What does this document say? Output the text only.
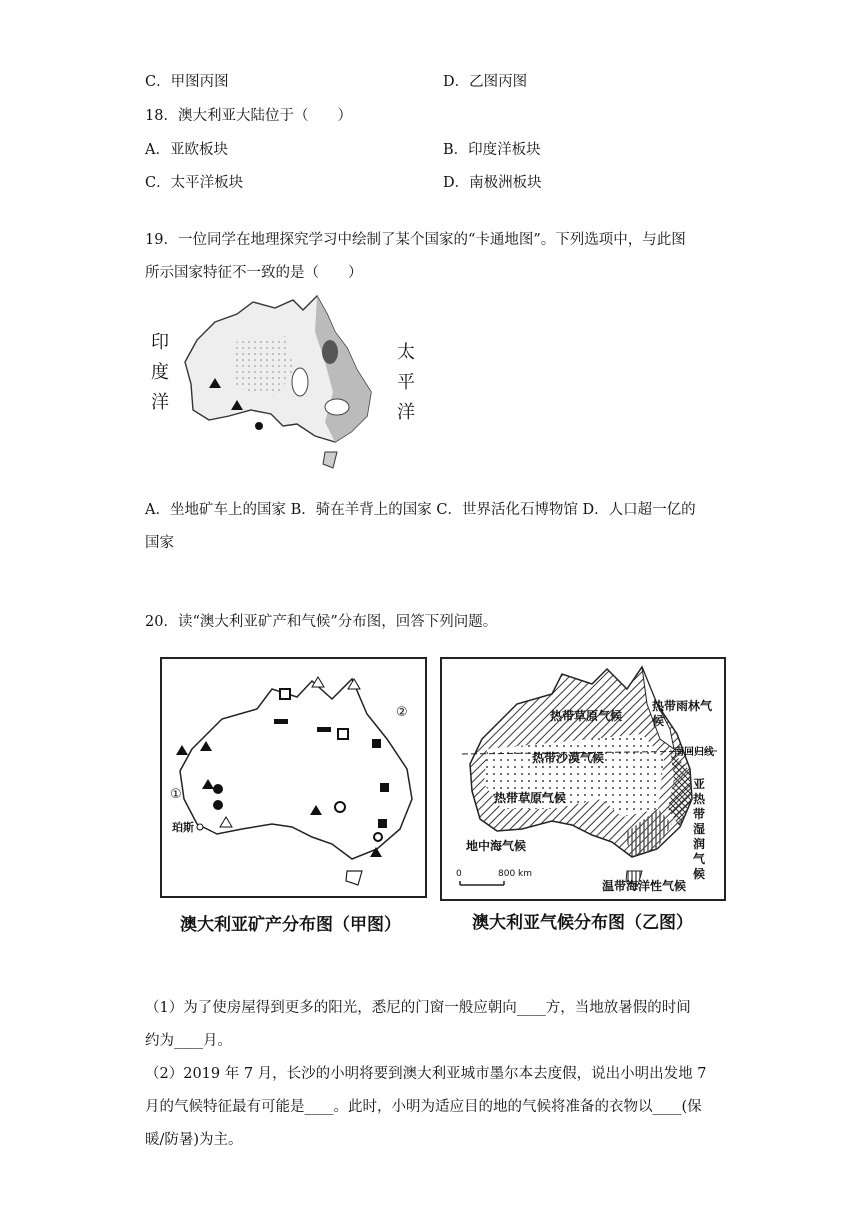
C．甲图丙图	D．乙图丙图
18．澳大利亚大陆位于（　　）
A．亚欧板块	B．印度洋板块
C．太平洋板块	D．南极洲板块
19．一位同学在地理探究学习中绘制了某个国家的“卡通地图”。下列选项中，与此图
所示国家特征不一致的是（　　）
印
度
洋
太
平
洋
A．坐地矿车上的国家 B．骑在羊背上的国家 C．世界活化石博物馆 D．人口超一亿的
国家
20．读“澳大利亚矿产和气候”分布图，回答下列问题。
①
②
珀斯
澳大利亚矿产分布图（甲图）
热带草原气候
热带雨林气候
热带沙漠气候	南回归线
热带草原气候
亚热带湿润气候
地中海气候
温带海洋性气候
0	800 km
澳大利亚气候分布图（乙图）
（1）为了使房屋得到更多的阳光，悉尼的门窗一般应朝向____方，当地放暑假的时间
约为____月。
（2）2019 年 7 月，长沙的小明将要到澳大利亚城市墨尔本去度假，说出小明出发地 7
月的气候特征最有可能是____。此时，小明为适应目的地的气候将准备的衣物以____(保
暖/防暑)为主。
